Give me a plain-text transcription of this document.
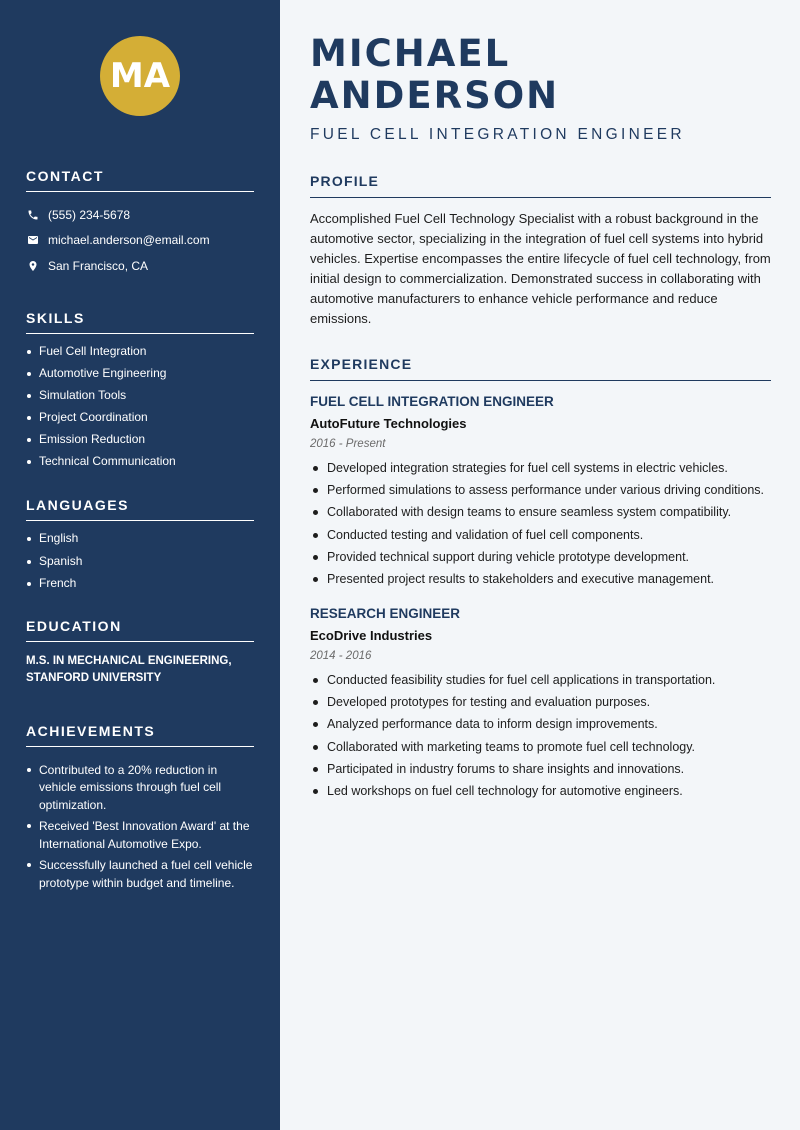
MA
CONTACT
(555) 234-5678
michael.anderson@email.com
San Francisco, CA
SKILLS
Fuel Cell Integration
Automotive Engineering
Simulation Tools
Project Coordination
Emission Reduction
Technical Communication
LANGUAGES
English
Spanish
French
EDUCATION

M.S. IN MECHANICAL ENGINEERING, STANFORD UNIVERSITY

ACHIEVEMENTS
Contributed to a 20% reduction in vehicle emissions through fuel cell optimization.
Received 'Best Innovation Award' at the International Automotive Expo.
Successfully launched a fuel cell vehicle prototype within budget and timeline.
MICHAEL ANDERSON
FUEL CELL INTEGRATION ENGINEER
PROFILE

Accomplished Fuel Cell Technology Specialist with a robust background in the automotive sector, specializing in the integration of fuel cell systems into hybrid vehicles. Expertise encompasses the entire lifecycle of fuel cell technology, from initial design to commercialization. Demonstrated success in collaborating with automotive manufacturers to enhance vehicle performance and reduce emissions.

EXPERIENCE
FUEL CELL INTEGRATION ENGINEER
AutoFuture Technologies
2016 - Present
Developed integration strategies for fuel cell systems in electric vehicles.
Performed simulations to assess performance under various driving conditions.
Collaborated with design teams to ensure seamless system compatibility.
Conducted testing and validation of fuel cell components.
Provided technical support during vehicle prototype development.
Presented project results to stakeholders and executive management.
RESEARCH ENGINEER
EcoDrive Industries
2014 - 2016
Conducted feasibility studies for fuel cell applications in transportation.
Developed prototypes for testing and evaluation purposes.
Analyzed performance data to inform design improvements.
Collaborated with marketing teams to promote fuel cell technology.
Participated in industry forums to share insights and innovations.
Led workshops on fuel cell technology for automotive engineers.
